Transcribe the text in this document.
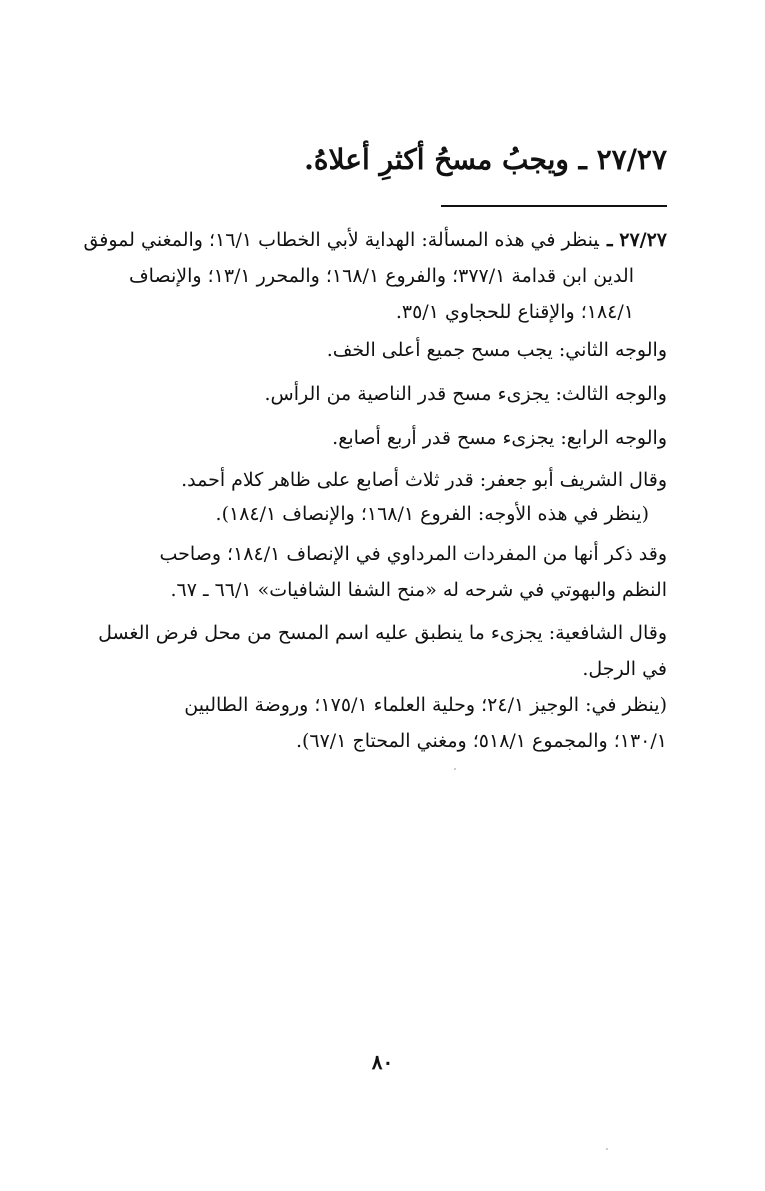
٢٧/٢٧ ـ ويجبُ مسحُ أكثرِ أعلاهُ.
٢٧/٢٧ ـينظر في هذه المسألة: الهداية لأبي الخطاب ١٦/١؛ والمغني لموفق
الدين ابن قدامة ٣٧٧/١؛ والفروع ١٦٨/١؛ والمحرر ١٣/١؛ والإنصاف
١٨٤/١؛ والإقناع للحجاوي ٣٥/١.
والوجه الثاني: يجب مسح جميع أعلى الخف.
والوجه الثالث: يجزىء مسح قدر الناصية من الرأس.
والوجه الرابع: يجزىء مسح قدر أربع أصابع.
وقال الشريف أبو جعفر: قدر ثلاث أصابع على ظاهر كلام أحمد.
(ينظر في هذه الأوجه: الفروع ١٦٨/١؛ والإنصاف ١٨٤/١).
وقد ذكر أنها من المفردات المرداوي في الإنصاف ١٨٤/١؛ وصاحب
النظم والبهوتي في شرحه له «منح الشفا الشافيات» ٦٦/١ ـ ٦٧.
وقال الشافعية: يجزىء ما ينطبق عليه اسم المسح من محل فرض الغسل
في الرجل.
(ينظر في: الوجيز ٢٤/١؛ وحلية العلماء ١٧٥/١؛ وروضة الطالبين
١٣٠/١؛ والمجموع ٥١٨/١؛ ومغني المحتاج ٦٧/١).
٨٠
